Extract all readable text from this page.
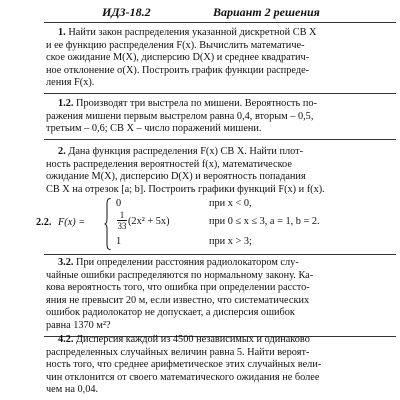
ИДЗ-18.2	Вариант 2 решения
1. Найти закон распределения указанной дискретной СВ X
и ее функцию распределения F(x). Вычислить математиче-
ское ожидание M(X), дисперсию D(X) и среднее квадратич-
ное отклонение σ(X). Построить график функции распреде-
ления F(x).
1.2. Производят три выстрела по мишени. Вероятность по-
ражения мишени первым выстрелом равна 0,4, вторым – 0,5,
третьим – 0,6; СВ X – число поражений мишени.
2. Дана функция распределения F(x) СВ X. Найти плот-
ность распределения вероятностей f(x), математическое
ожидание M(X), дисперсию D(X) и вероятность попадания
СВ X на отрезок [a; b]. Построить графики функций F(x) и f(x).
2.2. F(x) =
0	при x < 0,
1
33 (2x² + 5x)	при 0 ≤ x ≤ 3, a = 1, b = 2.
1	при x > 3;
3.2. При определении расстояния радиолокатором слу-
чайные ошибки распределяются по нормальному закону. Ка-
кова вероятность того, что ошибка при определении рассто-
яния не превысит 20 м, если известно, что систематических
ошибок радиолокатор не допускает, а дисперсия ошибок
равна 1370 м²?
4.2. Дисперсия каждой из 4500 независимых и одинаково
распределенных случайных величин равна 5. Найти вероят-
ность того, что среднее арифметическое этих случайных вели-
чин отклонится от своего математического ожидания не более
чем на 0,04.
